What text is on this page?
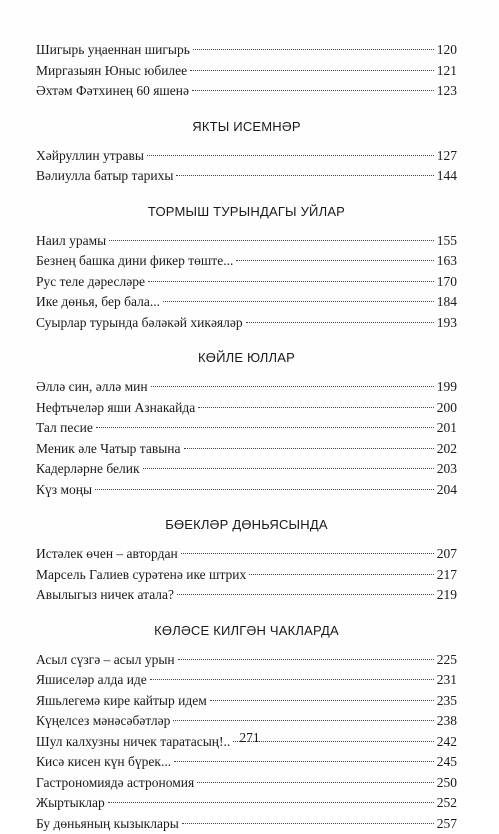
Шигырь уңаеннан шигырь	120
Миргазыян Юныс юбилее	121
Әхтәм Фәтхинең 60 яшенә	123
ЯКТЫ ИСЕМНӘР
Хәйруллин утравы	127
Вәлиулла батыр тарихы	144
ТОРМЫШ ТУРЫНДАГЫ УЙЛАР
Наил урамы	155
Безнең башка дини фикер төште...	163
Рус теле дәресләре	170
Ике дөнья, бер бала...	184
Суырлар турында бәләкәй хикәяләр	193
КӨЙЛЕ ЮЛЛАР
Әллә син, әллә мин	199
Нефтьчеләр яши Азнакайда	200
Тал песие	201
Меник әле Чатыр тавына	202
Кадерләрне белик	203
Күз моңы	204
БӨЕКЛӘР ДӨНЬЯСЫНДА
Истәлек өчен – автордан	207
Марсель Галиев сурәтенә ике штрих	217
Авылыгыз ничек атала?	219
КӨЛӘСЕ КИЛГӘН ЧАКЛАРДА
Асыл сүзгә – асыл урын	225
Яшиселәр алда иде	231
Яшьлегемә кире кайтыр идем	235
Күңелсез мәнәсәбәтләр	238
Шул калхузны ничек таратасың!..	242
Кисә кисен күн бүрек...	245
Гастрономиядә астрономия	250
Жыртыклар	252
Бу дөньяның кызыклары	257
271
